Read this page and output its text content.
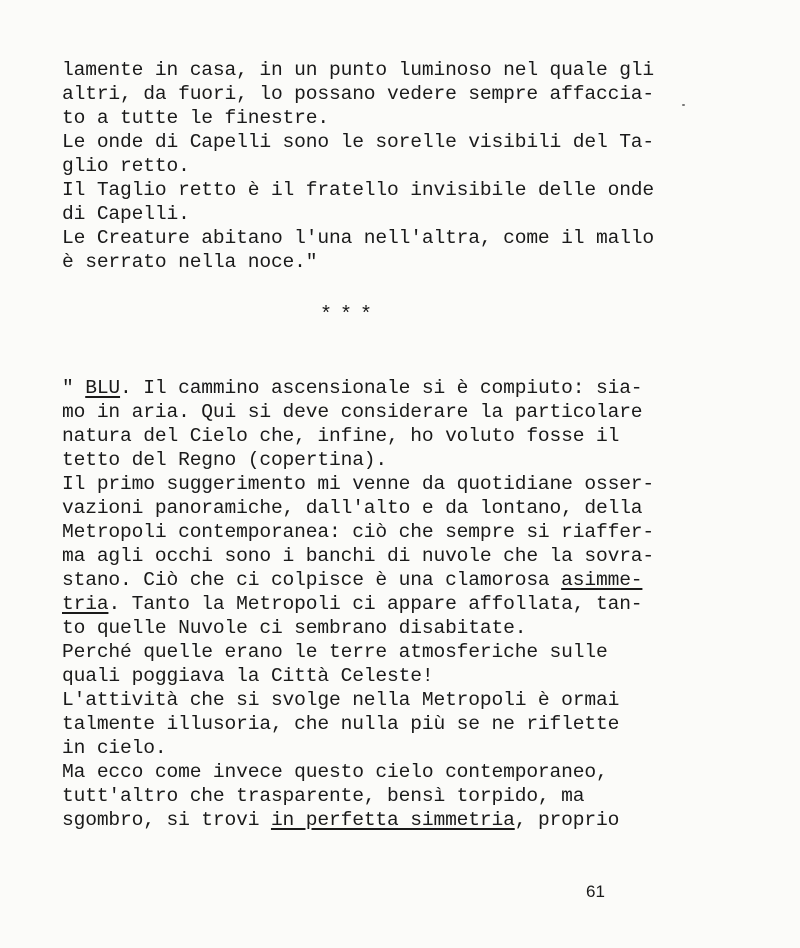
lamente in casa, in un punto luminoso nel quale gli
altri, da fuori, lo possano vedere sempre affaccia-
to a tutte le finestre.
Le onde di Capelli sono le sorelle visibili del Ta-
glio retto.
Il Taglio retto è il fratello invisibile delle onde
di Capelli.
Le Creature abitano l'una nell'altra, come il mallo
è serrato nella noce."
***
" BLU. Il cammino ascensionale si è compiuto: sia-
mo in aria. Qui si deve considerare la particolare
natura del Cielo che, infine, ho voluto fosse il
tetto del Regno (copertina).
Il primo suggerimento mi venne da quotidiane osser-
vazioni panoramiche, dall'alto e da lontano, della
Metropoli contemporanea: ciò che sempre si riaffer-
ma agli occhi sono i banchi di nuvole che la sovra-
stano. Ciò che ci colpisce è una clamorosa asimme-
tria. Tanto la Metropoli ci appare affollata, tan-
to quelle Nuvole ci sembrano disabitate.
Perché quelle erano le terre atmosferiche sulle
quali poggiava la Città Celeste!
L'attività che si svolge nella Metropoli è ormai
talmente illusoria, che nulla più se ne riflette
in cielo.
Ma ecco come invece questo cielo contemporaneo,
tutt'altro che trasparente, bensì torpido, ma
sgombro, si trovi in perfetta simmetria, proprio
61
